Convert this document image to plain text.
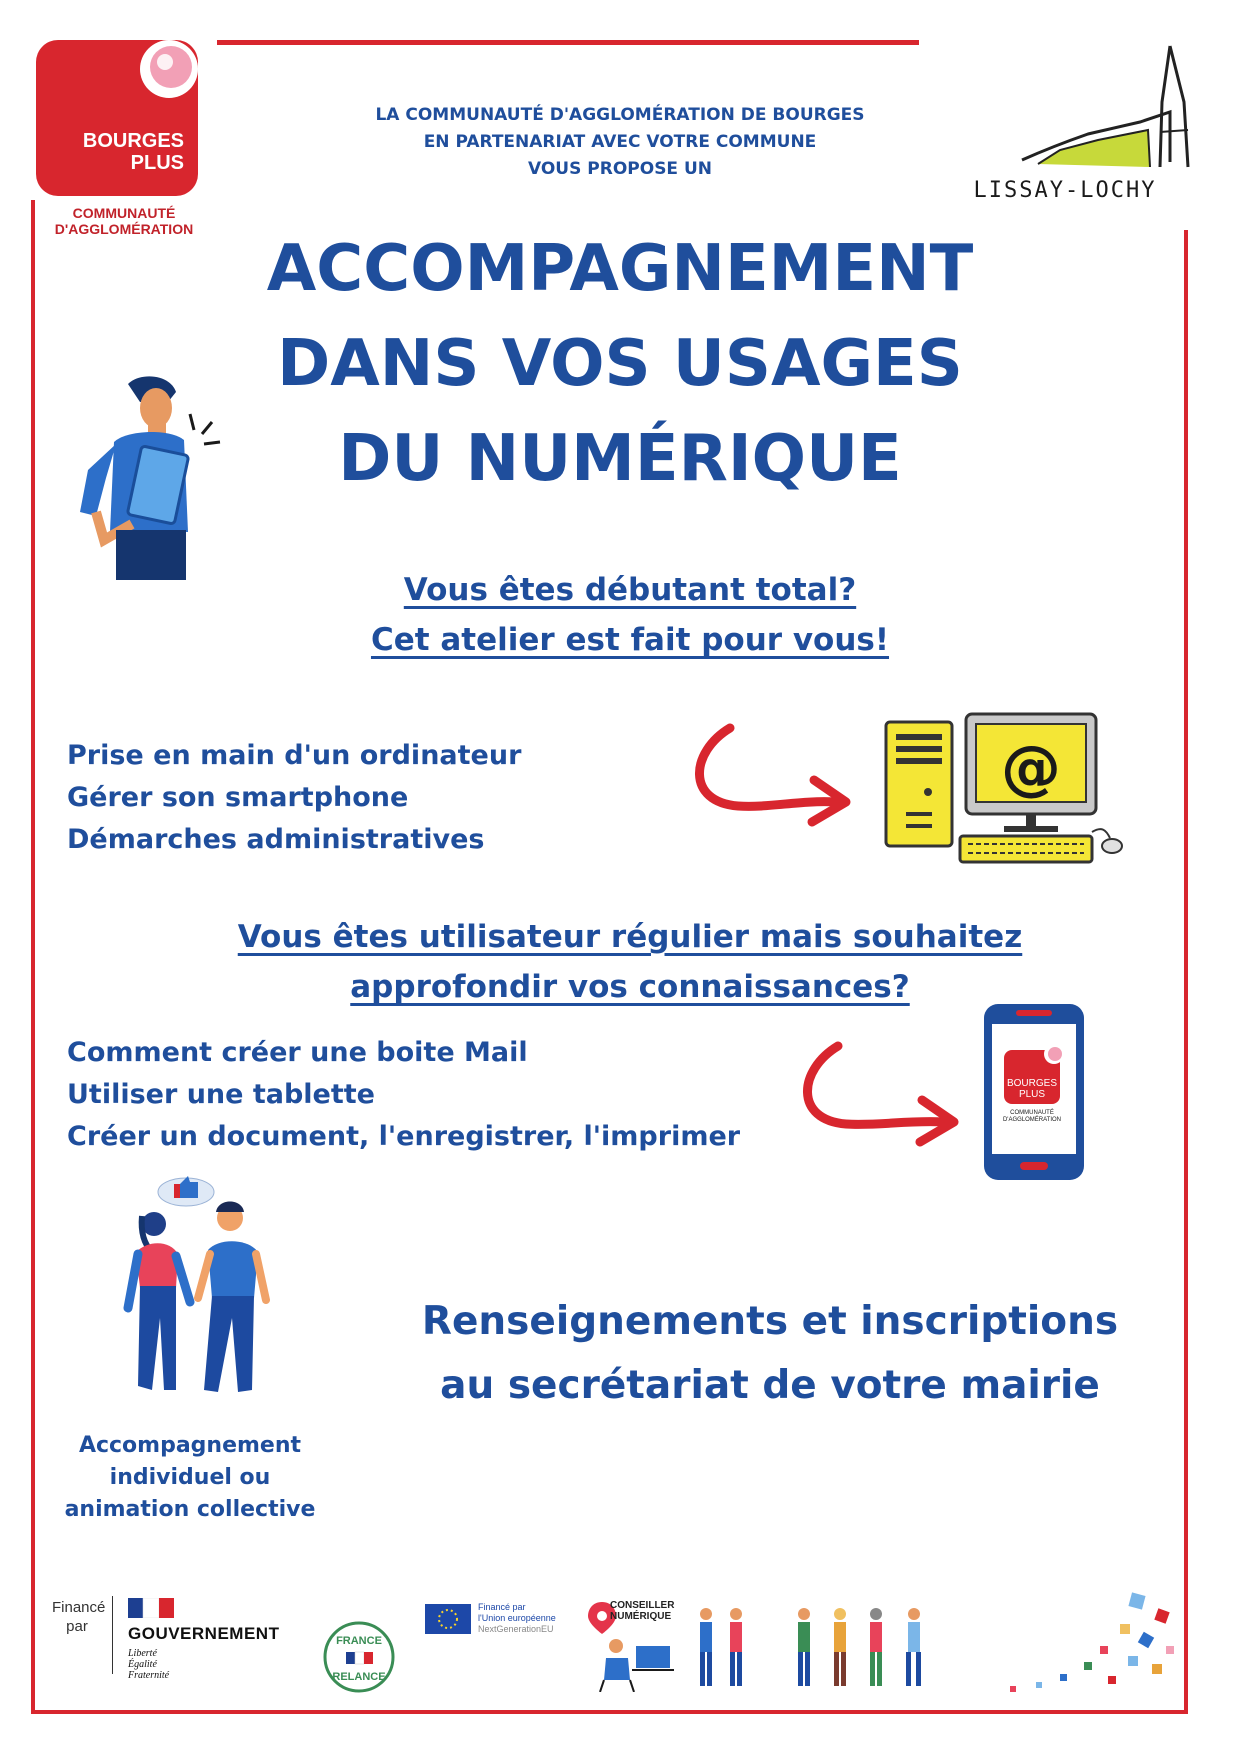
BOURGES
PLUS
COMMUNAUTÉ
D'AGGLOMÉRATION
LA COMMUNAUTÉ D'AGGLOMÉRATION DE BOURGES
EN PARTENARIAT AVEC VOTRE COMMUNE
VOUS PROPOSE UN
LISSAY-LOCHY
ACCOMPAGNEMENT
DANS VOS USAGES
DU NUMÉRIQUE
Vous êtes débutant total?
Cet atelier est fait pour vous!
Prise en main d'un ordinateur
Gérer son smartphone
Démarches administratives
@
Vous êtes utilisateur régulier mais souhaitez
approfondir vos connaissances?
Comment créer une boite Mail
Utiliser une tablette
Créer un document, l'enregistrer, l'imprimer
BOURGES
PLUS
COMMUNAUTÉ
D'AGGLOMÉRATION
Renseignements et inscriptions
au secrétariat de votre mairie
Accompagnement
individuel ou
animation collective
Financé
par	GOUVERNEMENT
Liberté
Égalité
Fraternité
FRANCE
RELANCE
Financé par
l'Union européenne
NextGenerationEU
CONSEILLER
NUMÉRIQUE
